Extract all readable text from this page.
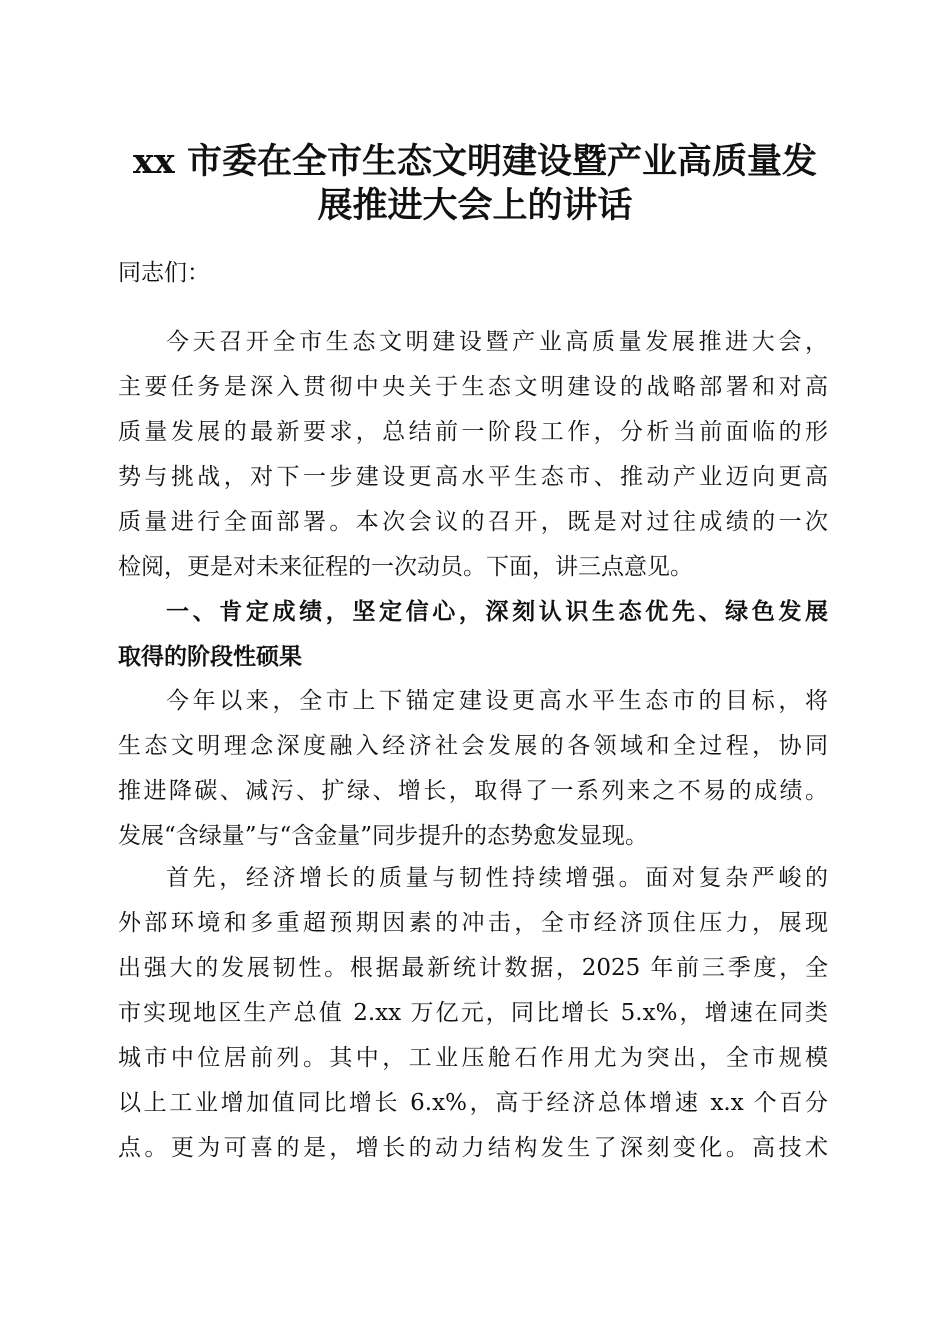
xx 市委在全市生态文明建设暨产业高质量发
展推进大会上的讲话
同志们：
今天召开全市生态文明建设暨产业高质量发展推进大会，
主要任务是深入贯彻中央关于生态文明建设的战略部署和对高
质量发展的最新要求，总结前一阶段工作，分析当前面临的形
势与挑战，对下一步建设更高水平生态市、推动产业迈向更高
质量进行全面部署。本次会议的召开，既是对过往成绩的一次
检阅，更是对未来征程的一次动员。下面，讲三点意见。
一、肯定成绩，坚定信心，深刻认识生态优先、绿色发展
取得的阶段性硕果
今年以来，全市上下锚定建设更高水平生态市的目标，将
生态文明理念深度融入经济社会发展的各领域和全过程，协同
推进降碳、减污、扩绿、增长，取得了一系列来之不易的成绩。
发展“含绿量”与“含金量”同步提升的态势愈发显现。
首先，经济增长的质量与韧性持续增强。面对复杂严峻的
外部环境和多重超预期因素的冲击，全市经济顶住压力，展现
出强大的发展韧性。根据最新统计数据，2025 年前三季度，全
市实现地区生产总值 2.xx 万亿元，同比增长 5.x%，增速在同类
城市中位居前列。其中，工业压舱石作用尤为突出，全市规模
以上工业增加值同比增长 6.x%，高于经济总体增速 x.x 个百分
点。更为可喜的是，增长的动力结构发生了深刻变化。高技术
